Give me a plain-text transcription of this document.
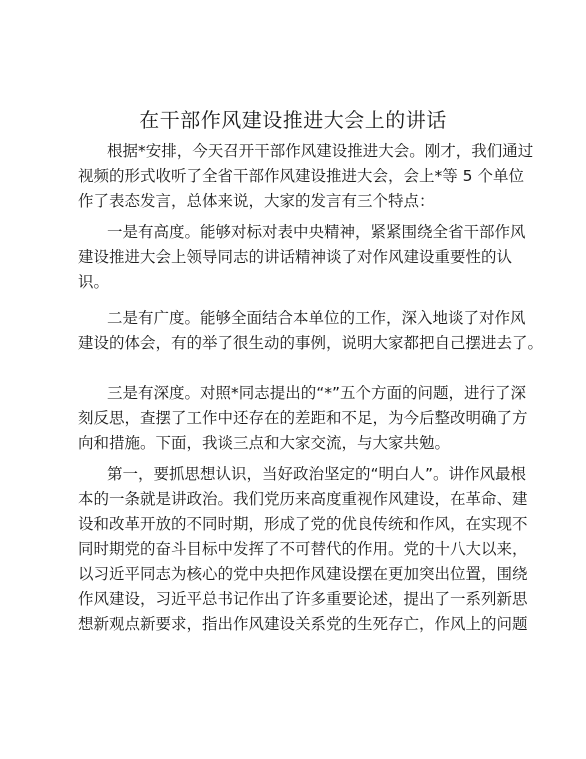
在干部作风建设推进大会上的讲话
根据*安排，今天召开干部作风建设推进大会。刚才，我们通过
视频的形式收听了全省干部作风建设推进大会，会上*等 5 个单位
作了表态发言，总体来说，大家的发言有三个特点：
一是有高度。能够对标对表中央精神，紧紧围绕全省干部作风
建设推进大会上领导同志的讲话精神谈了对作风建设重要性的认
识。
二是有广度。能够全面结合本单位的工作，深入地谈了对作风
建设的体会，有的举了很生动的事例，说明大家都把自己摆进去了。
三是有深度。对照*同志提出的“*”五个方面的问题，进行了深
刻反思，查摆了工作中还存在的差距和不足，为今后整改明确了方
向和措施。下面，我谈三点和大家交流，与大家共勉。
第一，要抓思想认识，当好政治坚定的“明白人”。讲作风最根
本的一条就是讲政治。我们党历来高度重视作风建设，在革命、建
设和改革开放的不同时期，形成了党的优良传统和作风，在实现不
同时期党的奋斗目标中发挥了不可替代的作用。党的十八大以来，
以习近平同志为核心的党中央把作风建设摆在更加突出位置，围绕
作风建设，习近平总书记作出了许多重要论述，提出了一系列新思
想新观点新要求，指出作风建设关系党的生死存亡，作风上的问题
